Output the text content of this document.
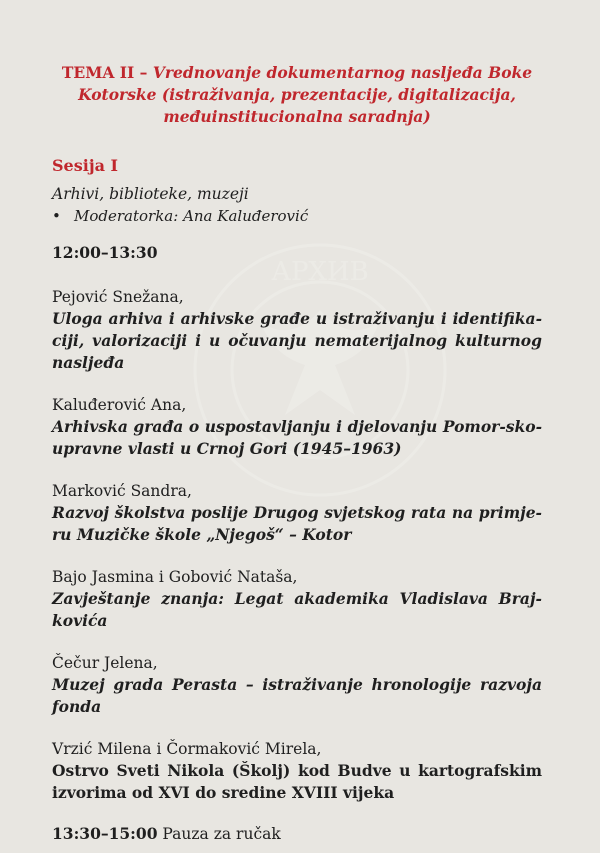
АРХИВ
TEMA II – Vrednovanje dokumentarnog nasljeđa Boke Kotorske (istraživanja, prezentacije, digitalizacija, međuinstitucionalna saradnja)
Sesija I
Arhivi, biblioteke, muzeji
• Moderatorka: Ana Kaluđerović
12:00–13:30
Pejović Snežana,
Uloga arhiva i arhivske građe u istraživanju i identifika-ciji, valorizaciji i u očuvanju nematerijalnog kulturnog nasljeđa
Kaluđerović Ana,
Arhivska građa o uspostavljanju i djelovanju Pomor-sko-upravne vlasti u Crnoj Gori (1945–1963)
Marković Sandra,
Razvoj školstva poslije Drugog svjetskog rata na primje-ru Muzičke škole „Njegoš“ – Kotor
Bajo Jasmina i Gobović Nataša,
Zavještanje znanja: Legat akademika Vladislava Braj-kovića
Čečur Jelena,
Muzej grada Perasta – istraživanje hronologije razvoja fonda
Vrzić Milena i Čormaković Mirela,
Ostrvo Sveti Nikola (Školj) kod Budve u kartografskim izvorima od XVI do sredine XVIII vijeka
13:30–15:00 Pauza za ručak
